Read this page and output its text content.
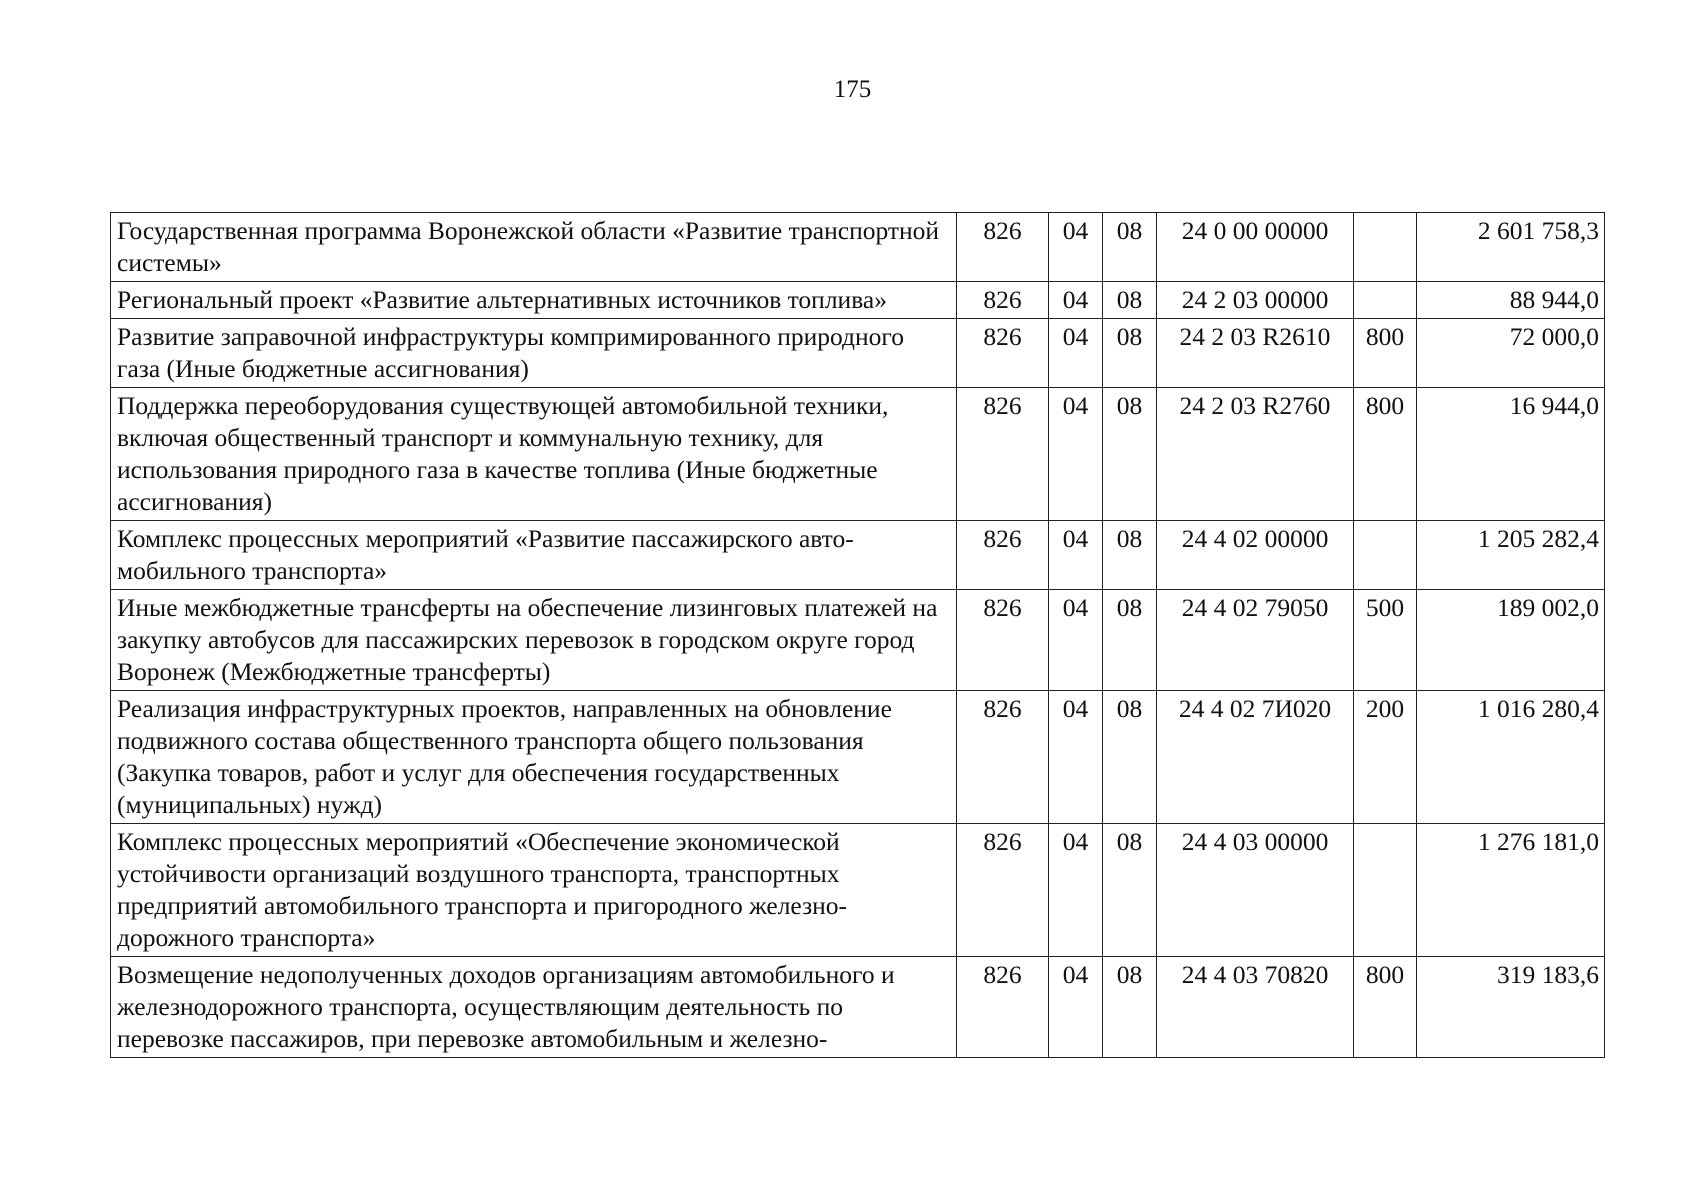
175
Государственная программа Воронежской области «Развитие транспортной системы»	826	04	08	24 0 00 00000		2 601 758,3
Региональный проект «Развитие альтернативных источников топлива»	826	04	08	24 2 03 00000		88 944,0
Развитие заправочной инфраструктуры компримированного природного газа (Иные бюджетные ассигнования)	826	04	08	24 2 03 R2610	800	72 000,0
Поддержка переоборудования существующей автомобильной техники, включая общественный транспорт и коммунальную технику, для использования природного газа в качестве топлива (Иные бюджетные ассигнования)	826	04	08	24 2 03 R2760	800	16 944,0
Комплекс процессных мероприятий «Развитие пассажирского автомобильного транспорта»	826	04	08	24 4 02 00000		1 205 282,4
Иные межбюджетные трансферты на обеспечение лизинговых платежей на закупку автобусов для пассажирских перевозок в городском округе город Воронеж (Межбюджетные трансферты)	826	04	08	24 4 02 79050	500	189 002,0
Реализация инфраструктурных проектов, направленных на обновление подвижного состава общественного транспорта общего пользования (Закупка товаров, работ и услуг для обеспечения государственных (муниципальных) нужд)	826	04	08	24 4 02 7И020	200	1 016 280,4
Комплекс процессных мероприятий «Обеспечение экономической устойчивости организаций воздушного транспорта, транспортных предприятий автомобильного транспорта и пригородного железнодорожного транспорта»	826	04	08	24 4 03 00000		1 276 181,0
Возмещение недополученных доходов организациям автомобильного и железнодорожного транспорта, осуществляющим деятельность по перевозке пассажиров, при перевозке автомобильным и железно-	826	04	08	24 4 03 70820	800	319 183,6
